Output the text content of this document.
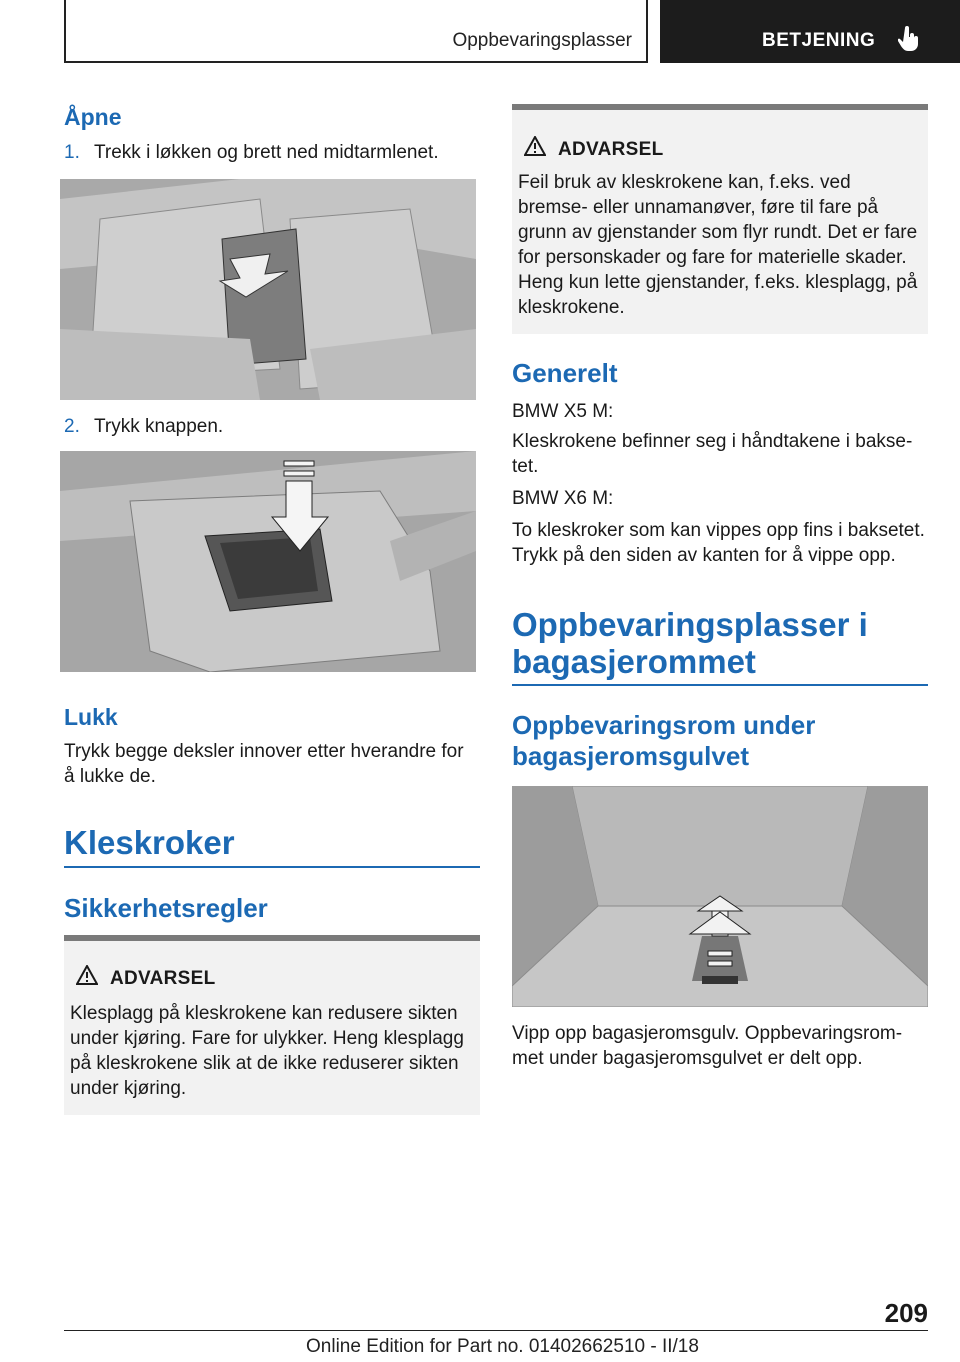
Oppbevaringsplasser	BETJENING
Åpne
1. Trekk i løkken og brett ned midtarmlenet.
2. Trykk knappen.
Lukk

Trykk begge deksler innover etter hverandre for

å lukke de.

Kleskroker
Sikkerhetsregler
ADVARSEL
Klesplagg på kleskrokene kan redusere sikten
under kjøring. Fare for ulykker. Heng klesplagg
på kleskrokene slik at de ikke reduserer sikten
under kjøring.
ADVARSEL
Feil bruk av kleskrokene kan, f.eks. ved
bremse- eller unnamanøver, føre til fare på
grunn av gjenstander som flyr rundt. Det er fare
for personskader og fare for materielle skader.
Heng kun lette gjenstander, f.eks. klesplagg, på
kleskrokene.
Generelt

BMW X5 M:

Kleskrokene befinner seg i håndtakene i bakse‐

tet.

BMW X6 M:

To kleskroker som kan vippes opp fins i baksetet.

Trykk på den siden av kanten for å vippe opp.

Oppbevaringsplasser i
bagasjerommet
Oppbevaringsrom under
bagasjeromsgulvet

Vipp opp bagasjeromsgulv. Oppbevaringsrom‐

met under bagasjeromsgulvet er delt opp.

209
Online Edition for Part no. 01402662510 - II/18
